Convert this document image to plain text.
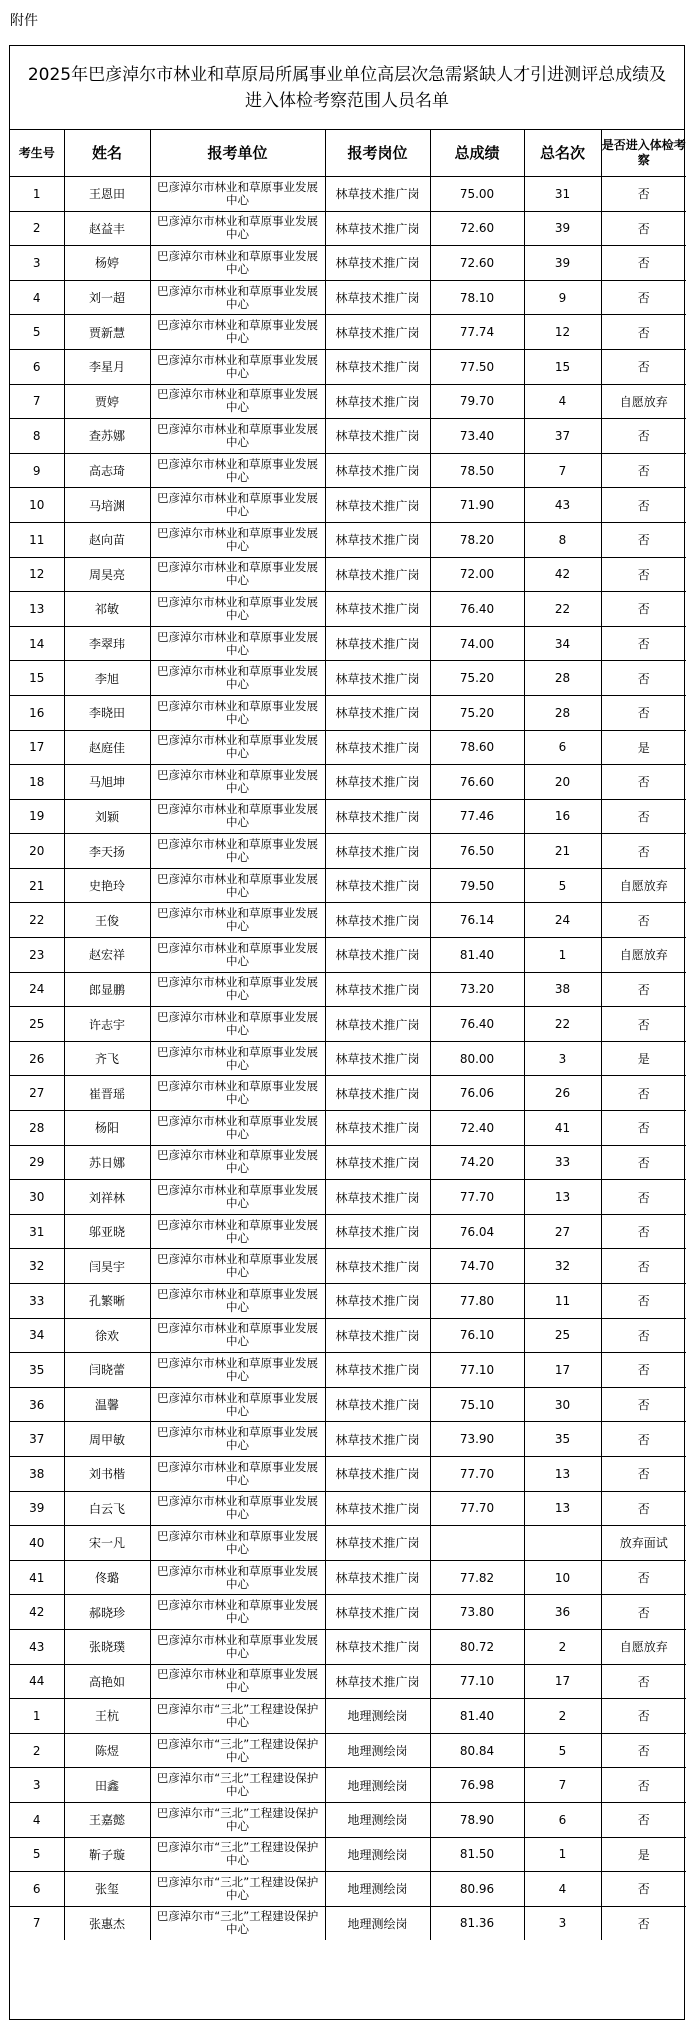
附件
2025年巴彦淖尔市林业和草原局所属事业单位高层次急需紧缺人才引进测评总成绩及进入体检考察范围人员名单
考生号	姓名	报考单位	报考岗位	总成绩	总名次	是否进入体检考察
1	王恩田	巴彦淖尔市林业和草原事业发展中心	林草技术推广岗	75.00	31	否
2	赵益丰	巴彦淖尔市林业和草原事业发展中心	林草技术推广岗	72.60	39	否
3	杨婷	巴彦淖尔市林业和草原事业发展中心	林草技术推广岗	72.60	39	否
4	刘一超	巴彦淖尔市林业和草原事业发展中心	林草技术推广岗	78.10	9	否
5	贾新慧	巴彦淖尔市林业和草原事业发展中心	林草技术推广岗	77.74	12	否
6	李星月	巴彦淖尔市林业和草原事业发展中心	林草技术推广岗	77.50	15	否
7	贾婷	巴彦淖尔市林业和草原事业发展中心	林草技术推广岗	79.70	4	自愿放弃
8	查苏娜	巴彦淖尔市林业和草原事业发展中心	林草技术推广岗	73.40	37	否
9	高志琦	巴彦淖尔市林业和草原事业发展中心	林草技术推广岗	78.50	7	否
10	马培渊	巴彦淖尔市林业和草原事业发展中心	林草技术推广岗	71.90	43	否
11	赵向苗	巴彦淖尔市林业和草原事业发展中心	林草技术推广岗	78.20	8	否
12	周昊亮	巴彦淖尔市林业和草原事业发展中心	林草技术推广岗	72.00	42	否
13	祁敏	巴彦淖尔市林业和草原事业发展中心	林草技术推广岗	76.40	22	否
14	李翠玮	巴彦淖尔市林业和草原事业发展中心	林草技术推广岗	74.00	34	否
15	李旭	巴彦淖尔市林业和草原事业发展中心	林草技术推广岗	75.20	28	否
16	李晓田	巴彦淖尔市林业和草原事业发展中心	林草技术推广岗	75.20	28	否
17	赵庭佳	巴彦淖尔市林业和草原事业发展中心	林草技术推广岗	78.60	6	是
18	马旭坤	巴彦淖尔市林业和草原事业发展中心	林草技术推广岗	76.60	20	否
19	刘颖	巴彦淖尔市林业和草原事业发展中心	林草技术推广岗	77.46	16	否
20	李天扬	巴彦淖尔市林业和草原事业发展中心	林草技术推广岗	76.50	21	否
21	史艳玲	巴彦淖尔市林业和草原事业发展中心	林草技术推广岗	79.50	5	自愿放弃
22	王俊	巴彦淖尔市林业和草原事业发展中心	林草技术推广岗	76.14	24	否
23	赵宏祥	巴彦淖尔市林业和草原事业发展中心	林草技术推广岗	81.40	1	自愿放弃
24	郎显鹏	巴彦淖尔市林业和草原事业发展中心	林草技术推广岗	73.20	38	否
25	许志宇	巴彦淖尔市林业和草原事业发展中心	林草技术推广岗	76.40	22	否
26	齐飞	巴彦淖尔市林业和草原事业发展中心	林草技术推广岗	80.00	3	是
27	崔晋瑶	巴彦淖尔市林业和草原事业发展中心	林草技术推广岗	76.06	26	否
28	杨阳	巴彦淖尔市林业和草原事业发展中心	林草技术推广岗	72.40	41	否
29	苏日娜	巴彦淖尔市林业和草原事业发展中心	林草技术推广岗	74.20	33	否
30	刘祥林	巴彦淖尔市林业和草原事业发展中心	林草技术推广岗	77.70	13	否
31	邬亚晓	巴彦淖尔市林业和草原事业发展中心	林草技术推广岗	76.04	27	否
32	闫昊宇	巴彦淖尔市林业和草原事业发展中心	林草技术推广岗	74.70	32	否
33	孔繁晰	巴彦淖尔市林业和草原事业发展中心	林草技术推广岗	77.80	11	否
34	徐欢	巴彦淖尔市林业和草原事业发展中心	林草技术推广岗	76.10	25	否
35	闫晓蕾	巴彦淖尔市林业和草原事业发展中心	林草技术推广岗	77.10	17	否
36	温馨	巴彦淖尔市林业和草原事业发展中心	林草技术推广岗	75.10	30	否
37	周甲敏	巴彦淖尔市林业和草原事业发展中心	林草技术推广岗	73.90	35	否
38	刘书楷	巴彦淖尔市林业和草原事业发展中心	林草技术推广岗	77.70	13	否
39	白云飞	巴彦淖尔市林业和草原事业发展中心	林草技术推广岗	77.70	13	否
40	宋一凡	巴彦淖尔市林业和草原事业发展中心	林草技术推广岗			放弃面试
41	佟璐	巴彦淖尔市林业和草原事业发展中心	林草技术推广岗	77.82	10	否
42	郝晓珍	巴彦淖尔市林业和草原事业发展中心	林草技术推广岗	73.80	36	否
43	张晓璞	巴彦淖尔市林业和草原事业发展中心	林草技术推广岗	80.72	2	自愿放弃
44	高艳如	巴彦淖尔市林业和草原事业发展中心	林草技术推广岗	77.10	17	否
1	王杭	巴彦淖尔市“三北”工程建设保护中心	地理测绘岗	81.40	2	否
2	陈煜	巴彦淖尔市“三北”工程建设保护中心	地理测绘岗	80.84	5	否
3	田鑫	巴彦淖尔市“三北”工程建设保护中心	地理测绘岗	76.98	7	否
4	王嘉懿	巴彦淖尔市“三北”工程建设保护中心	地理测绘岗	78.90	6	否
5	靳子璇	巴彦淖尔市“三北”工程建设保护中心	地理测绘岗	81.50	1	是
6	张玺	巴彦淖尔市“三北”工程建设保护中心	地理测绘岗	80.96	4	否
7	张惠杰	巴彦淖尔市“三北”工程建设保护中心	地理测绘岗	81.36	3	否
